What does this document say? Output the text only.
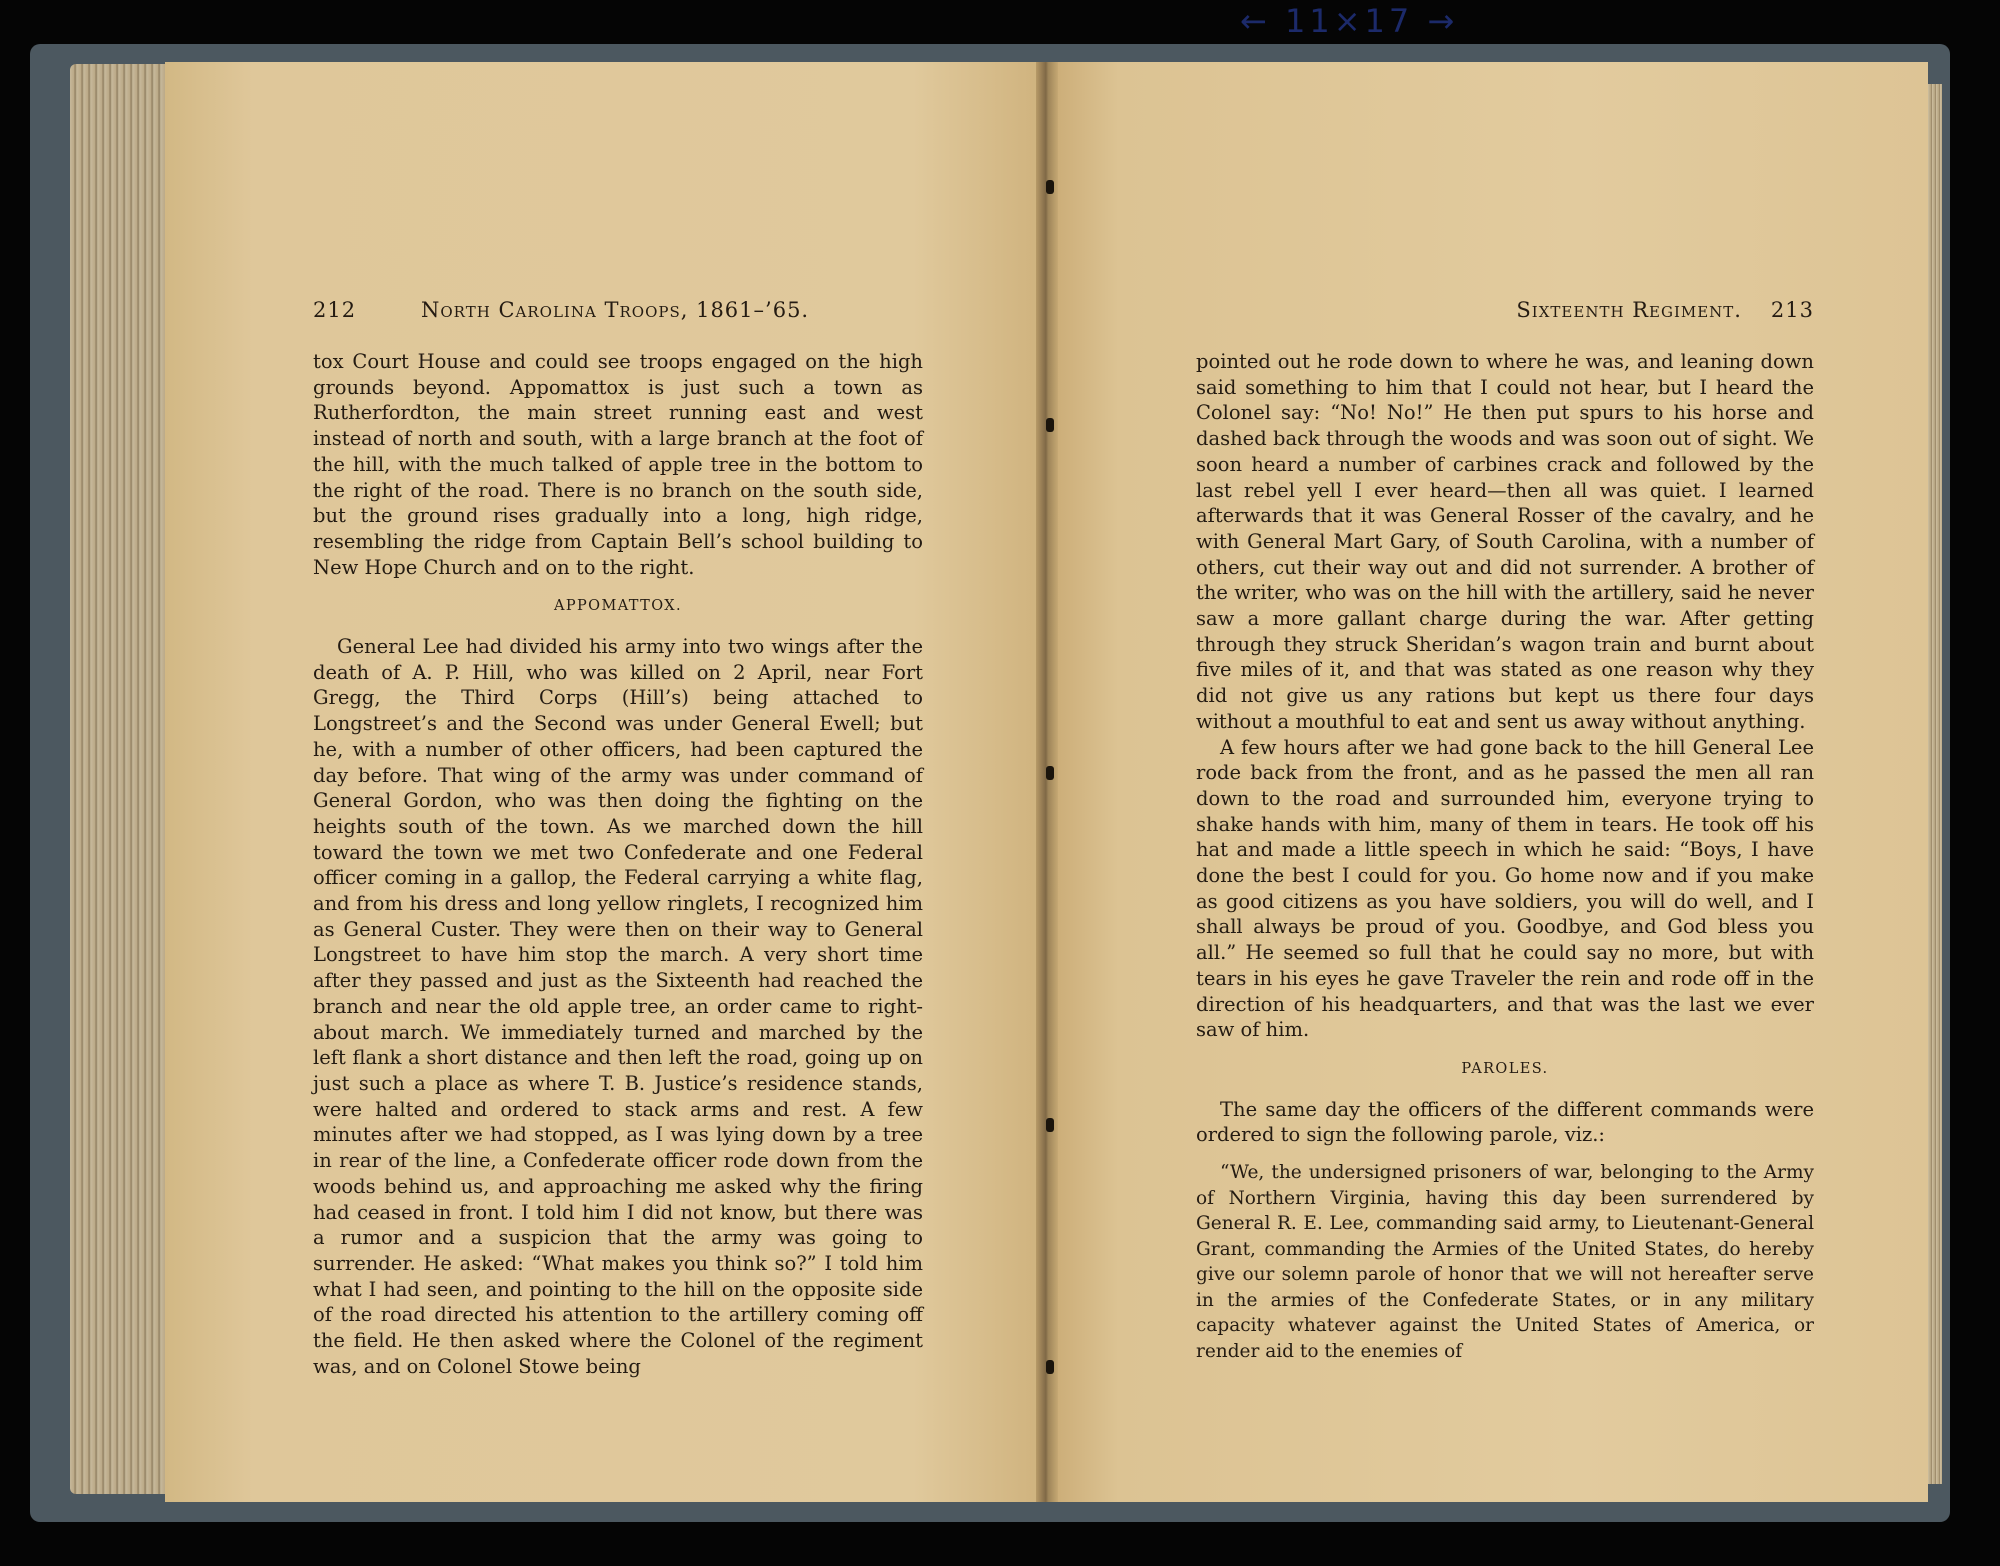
← 11×17 →
212	North Carolina Troops, 1861–’65.

tox Court House and could see troops engaged on the high grounds beyond. Appomattox is just such a town as Rutherfordton, the main street running east and west instead of north and south, with a large branch at the foot of the hill, with the much talked of apple tree in the bottom to the right of the road. There is no branch on the south side, but the ground rises gradually into a long, high ridge, resembling the ridge from Captain Bell’s school building to New Hope Church and on to the right.

APPOMATTOX.

General Lee had divided his army into two wings after the death of A. P. Hill, who was killed on 2 April, near Fort Gregg, the Third Corps (Hill’s) being attached to Longstreet’s and the Second was under General Ewell; but he, with a number of other officers, had been captured the day before. That wing of the army was under command of General Gordon, who was then doing the fighting on the heights south of the town. As we marched down the hill toward the town we met two Confederate and one Federal officer coming in a gallop, the Federal carrying a white flag, and from his dress and long yellow ringlets, I recognized him as General Custer. They were then on their way to General Longstreet to have him stop the march. A very short time after they passed and just as the Sixteenth had reached the branch and near the old apple tree, an order came to right-about march. We immediately turned and marched by the left flank a short distance and then left the road, going up on just such a place as where T. B. Justice’s residence stands, were halted and ordered to stack arms and rest. A few minutes after we had stopped, as I was lying down by a tree in rear of the line, a Confederate officer rode down from the woods behind us, and approaching me asked why the firing had ceased in front. I told him I did not know, but there was a rumor and a suspicion that the army was going to surrender. He asked: “What makes you think so?” I told him what I had seen, and pointing to the hill on the opposite side of the road directed his attention to the artillery coming off the field. He then asked where the Colonel of the regiment was, and on Colonel Stowe being

Sixteenth Regiment. 213

pointed out he rode down to where he was, and leaning down said something to him that I could not hear, but I heard the Colonel say: “No! No!” He then put spurs to his horse and dashed back through the woods and was soon out of sight. We soon heard a number of carbines crack and followed by the last rebel yell I ever heard—then all was quiet. I learned afterwards that it was General Rosser of the cavalry, and he with General Mart Gary, of South Carolina, with a number of others, cut their way out and did not surrender. A brother of the writer, who was on the hill with the artillery, said he never saw a more gallant charge during the war. After getting through they struck Sheridan’s wagon train and burnt about five miles of it, and that was stated as one reason why they did not give us any rations but kept us there four days without a mouthful to eat and sent us away without anything.

A few hours after we had gone back to the hill General Lee rode back from the front, and as he passed the men all ran down to the road and surrounded him, everyone trying to shake hands with him, many of them in tears. He took off his hat and made a little speech in which he said: “Boys, I have done the best I could for you. Go home now and if you make as good citizens as you have soldiers, you will do well, and I shall always be proud of you. Goodbye, and God bless you all.” He seemed so full that he could say no more, but with tears in his eyes he gave Traveler the rein and rode off in the direction of his headquarters, and that was the last we ever saw of him.

PAROLES.

The same day the officers of the different commands were ordered to sign the following parole, viz.:

“We, the undersigned prisoners of war, belonging to the Army of Northern Virginia, having this day been surrendered by General R. E. Lee, commanding said army, to Lieutenant-General Grant, commanding the Armies of the United States, do hereby give our solemn parole of honor that we will not hereafter serve in the armies of the Confederate States, or in any military capacity whatever against the United States of America, or render aid to the enemies of
